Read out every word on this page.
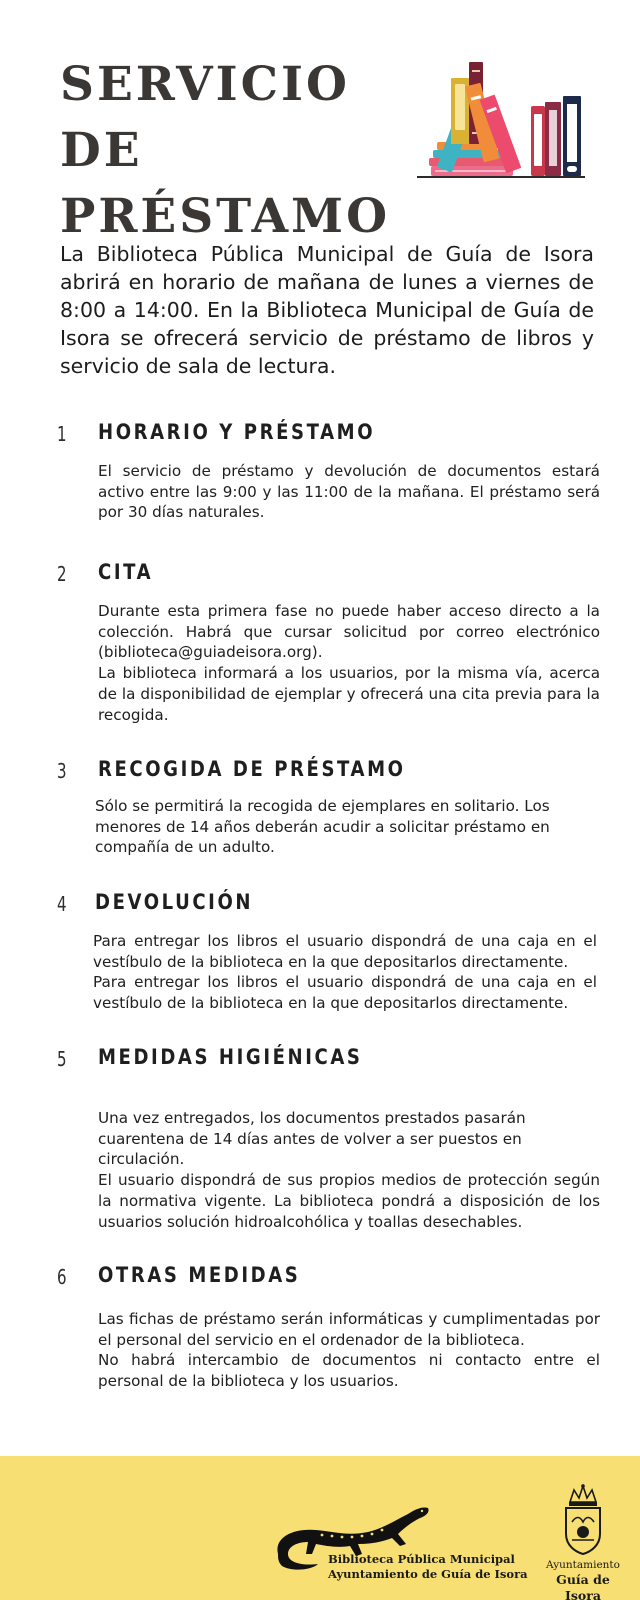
SERVICIO DE
PRÉSTAMO
La Biblioteca Pública Municipal de Guía de Isora abrirá en horario de mañana de lunes a viernes de 8:00 a 14:00. En la Biblioteca Municipal de Guía de Isora se ofrecerá servicio de préstamo de libros y servicio de sala de lectura.
1 HORARIO Y PRÉSTAMO

El servicio de préstamo y devolución de documentos estará activo entre las 9:00 y las 11:00 de la mañana. El préstamo será por 30 días naturales.

2 CITA

Durante esta primera fase no puede haber acceso directo a la colección. Habrá que cursar solicitud por correo electrónico (biblioteca@guiadeisora.org).

La biblioteca informará a los usuarios, por la misma vía, acerca de la disponibilidad de ejemplar y ofrecerá una cita previa para la recogida.

3 RECOGIDA DE PRÉSTAMO

Sólo se permitirá la recogida de ejemplares en solitario. Los menores de 14 años deberán acudir a solicitar préstamo en compañía de un adulto.

4 DEVOLUCIÓN

Para entregar los libros el usuario dispondrá de una caja en el vestíbulo de la biblioteca en la que depositarlos directamente.

Para entregar los libros el usuario dispondrá de una caja en el vestíbulo de la biblioteca en la que depositarlos directamente.

5 MEDIDAS HIGIÉNICAS

Una vez entregados, los documentos prestados pasarán cuarentena de 14 días antes de volver a ser puestos en circulación.

El usuario dispondrá de sus propios medios de protección según la normativa vigente. La biblioteca pondrá a disposición de los usuarios solución hidroalcohólica y toallas desechables.

6 OTRAS MEDIDAS

Las fichas de préstamo serán informáticas y cumplimentadas por el personal del servicio en el ordenador de la biblioteca.

No habrá intercambio de documentos ni contacto entre el personal de la biblioteca y los usuarios.

Biblioteca Pública Municipal
Ayuntamiento de Guía de Isora
Ayuntamiento
Guía de Isora
